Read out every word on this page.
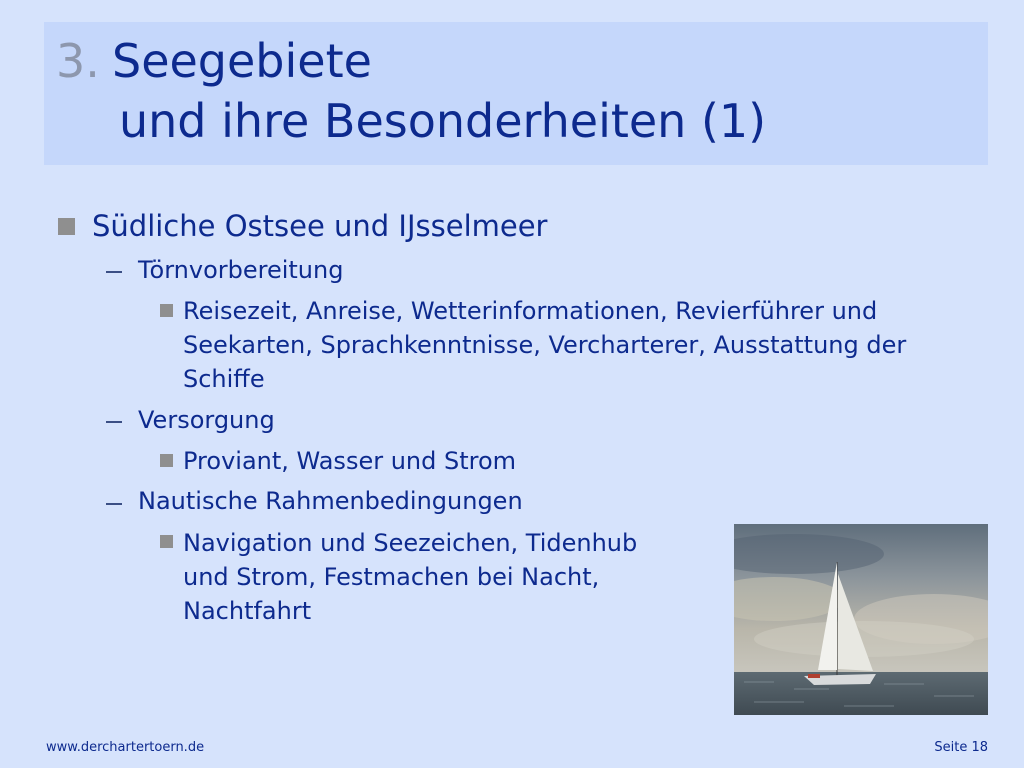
3. Seegebiete
und ihre Besonderheiten (1)
Südliche Ostsee und IJsselmeer
Törnvorbereitung
Reisezeit, Anreise, Wetterinformationen, Revierführer und
Seekarten, Sprachkenntnisse, Vercharterer, Ausstattung der
Schiffe
Versorgung
Proviant, Wasser und Strom
Nautische Rahmenbedingungen
Navigation und Seezeichen, Tidenhub
und Strom, Festmachen bei Nacht,
Nachtfahrt
www.derchartertoern.de	Seite 18
